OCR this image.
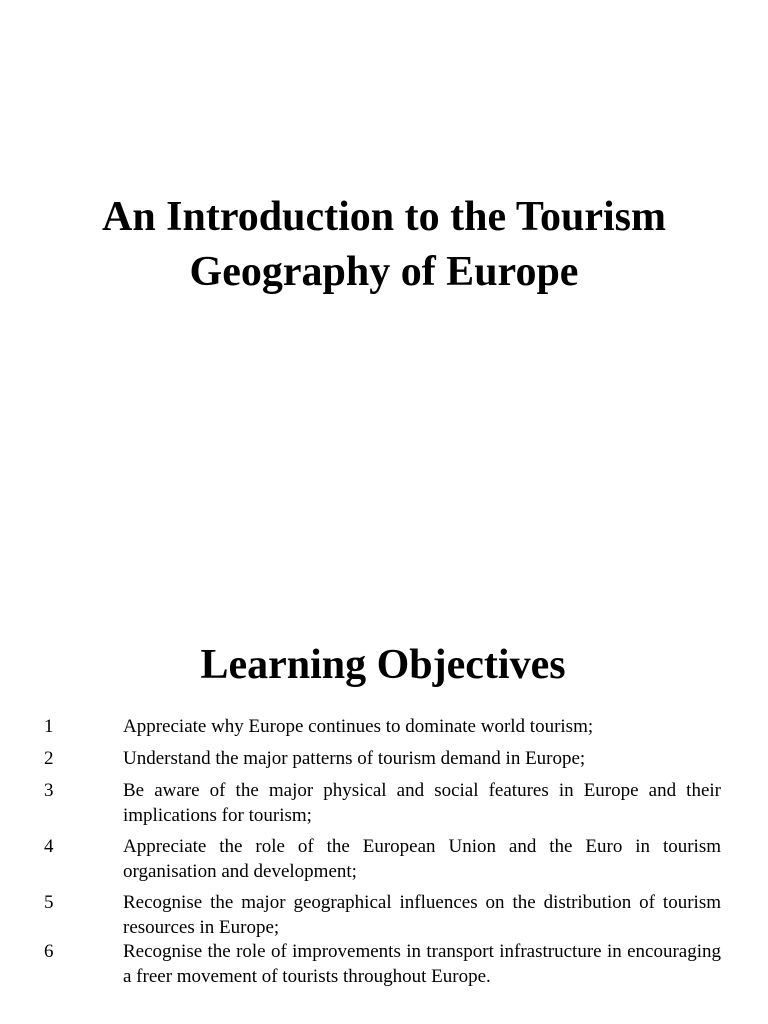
An Introduction to the Tourism
Geography of Europe
Learning Objectives
1	Appreciate why Europe continues to dominate world tourism;
2	Understand the major patterns of tourism demand in Europe;
3	Be aware of the major physical and social features in Europe and their implications for tourism;
4	Appreciate the role of the European Union and the Euro in tourism organisation and development;
5	Recognise the major geographical influences on the distribution of tourism resources in Europe;
6	Recognise the role of improvements in transport infrastructure in encouraging a freer movement of tourists throughout Europe.
